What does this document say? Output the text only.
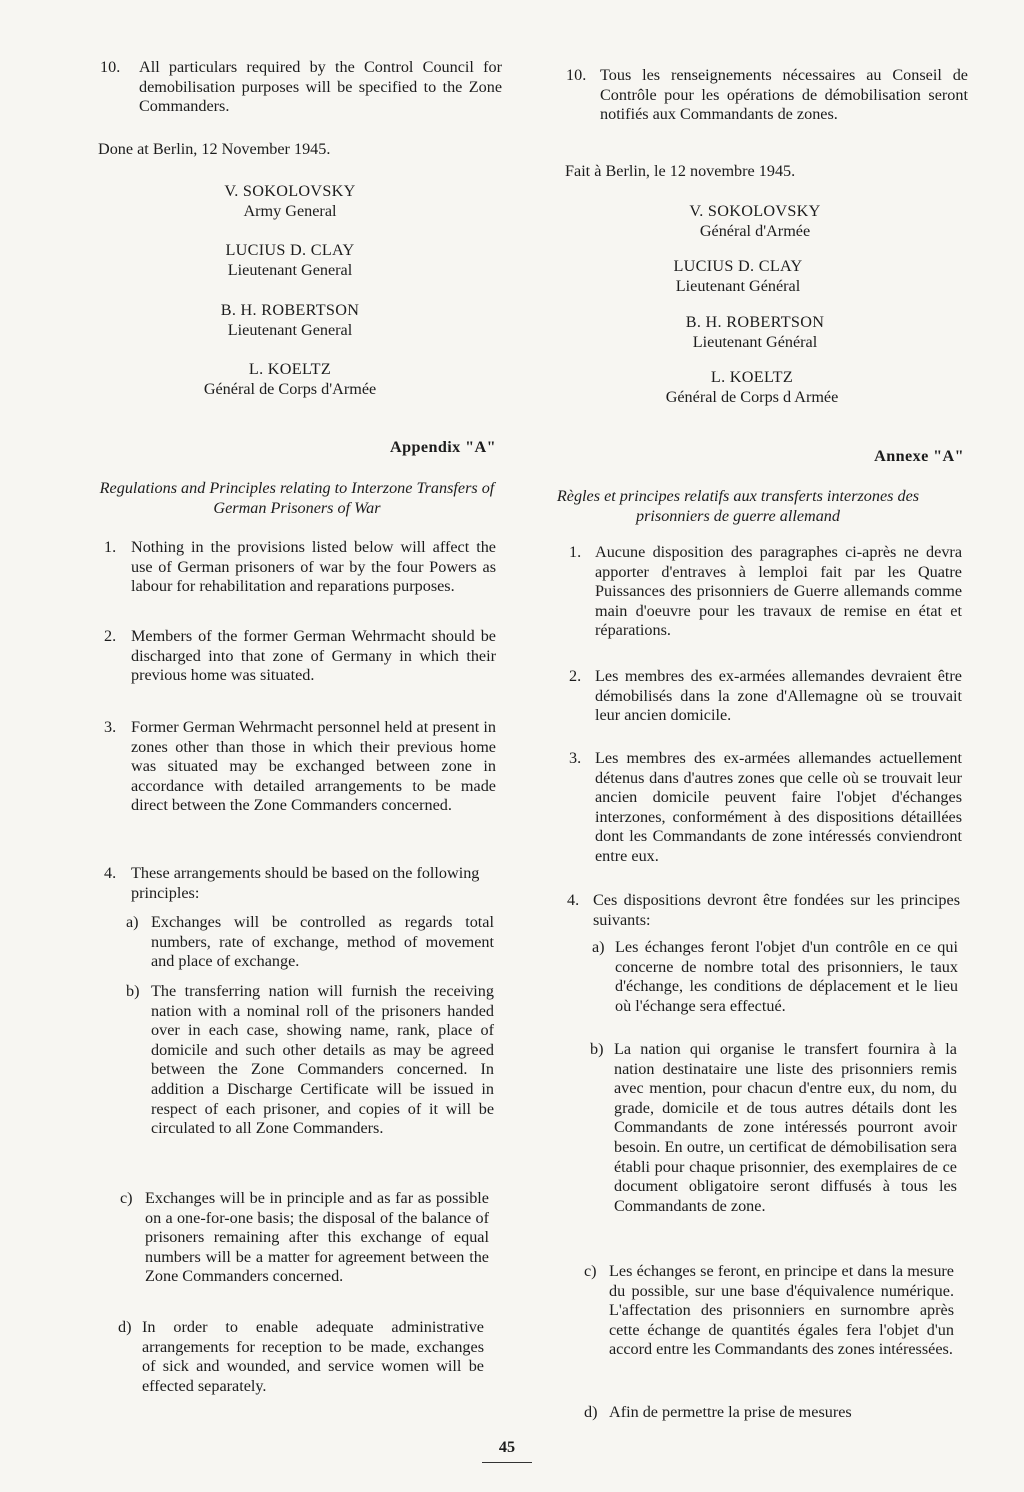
10. All particulars required by the Control Council for demobilisation purposes will be specified to the Zone Commanders.
Done at Berlin, 12 November 1945.
V. SOKOLOVSKY
Army General
LUCIUS D. CLAY
Lieutenant General
B. H. ROBERTSON
Lieutenant General
L. KOELTZ
Général de Corps d'Armée
Appendix "A"
Regulations and Principles relating to Interzone Transfers of German Prisoners of War
1. Nothing in the provisions listed below will affect the use of German prisoners of war by the four Powers as labour for rehabilitation and reparations purposes.
2. Members of the former German Wehrmacht should be discharged into that zone of Germany in which their previous home was situated.
3. Former German Wehrmacht personnel held at present in zones other than those in which their previous home was situated may be exchanged between zone in accordance with detailed arrangements to be made direct between the Zone Commanders concerned.
4. These arrangements should be based on the following principles:
a) Exchanges will be controlled as regards total numbers, rate of exchange, method of movement and place of exchange.
b) The transferring nation will furnish the receiving nation with a nominal roll of the prisoners handed over in each case, showing name, rank, place of domicile and such other details as may be agreed between the Zone Commanders concerned. In addition a Discharge Certificate will be issued in respect of each prisoner, and copies of it will be circulated to all Zone Commanders.
c) Exchanges will be in principle and as far as possible on a one-for-one basis; the disposal of the balance of prisoners remaining after this exchange of equal numbers will be a matter for agreement between the Zone Commanders concerned.
d) In order to enable adequate administrative arrangements for reception to be made, exchanges of sick and wounded, and service women will be effected separately.
10. Tous les renseignements nécessaires au Conseil de Contrôle pour les opérations de démobilisation seront notifiés aux Commandants de zones.
Fait à Berlin, le 12 novembre 1945.
V. SOKOLOVSKY
Général d'Armée
LUCIUS D. CLAY
Lieutenant Général
B. H. ROBERTSON
Lieutenant Général
L. KOELTZ
Général de Corps d Armée
Annexe "A"
Règles et principes relatifs aux transferts interzones des prisonniers de guerre allemand
1. Aucune disposition des paragraphes ci-après ne devra apporter d'entraves à lemploi fait par les Quatre Puissances des prisonniers de Guerre allemands comme main d'oeuvre pour les travaux de remise en état et réparations.
2. Les membres des ex-armées allemandes devraient être démobilisés dans la zone d'Allemagne où se trouvait leur ancien domicile.
3. Les membres des ex-armées allemandes actuellement détenus dans d'autres zones que celle où se trouvait leur ancien domicile peuvent faire l'objet d'échanges interzones, conformément à des dispositions détaillées dont les Commandants de zone intéressés conviendront entre eux.
4. Ces dispositions devront être fondées sur les principes suivants:
a) Les échanges feront l'objet d'un contrôle en ce qui concerne de nombre total des prisonniers, le taux d'échange, les conditions de déplacement et le lieu où l'échange sera effectué.
b) La nation qui organise le transfert fournira à la nation destinataire une liste des prisonniers remis avec mention, pour chacun d'entre eux, du nom, du grade, domicile et de tous autres détails dont les Commandants de zone intéressés pourront avoir besoin. En outre, un certificat de démobilisation sera établi pour chaque prisonnier, des exemplaires de ce document obligatoire seront diffusés à tous les Commandants de zone.
c) Les échanges se feront, en principe et dans la mesure du possible, sur une base d'équivalence numérique. L'affectation des prisonniers en surnombre après cette échange de quantités égales fera l'objet d'un accord entre les Commandants des zones intéressées.
d) Afin de permettre la prise de mesures
45
